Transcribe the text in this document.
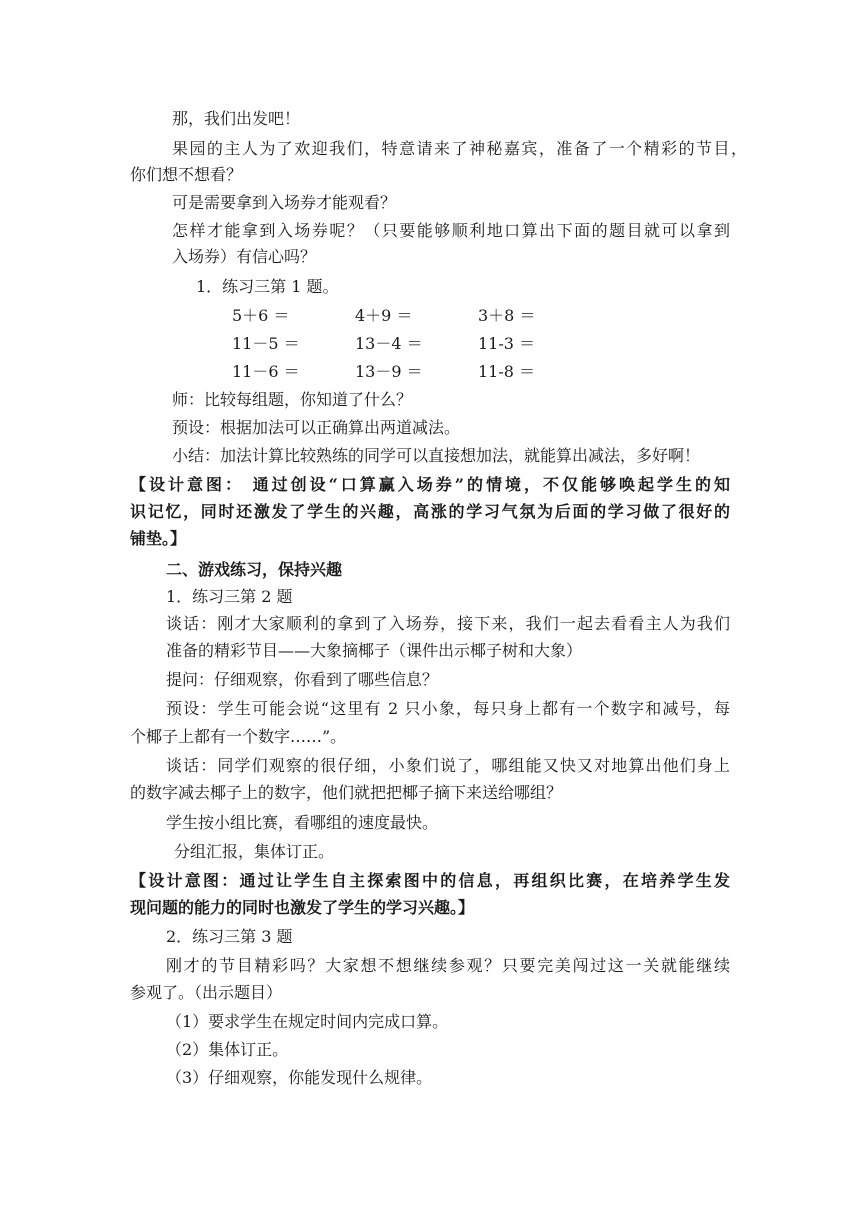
那，我们出发吧！
果园的主人为了欢迎我们，特意请来了神秘嘉宾，准备了一个精彩的节目，
你们想不想看？
可是需要拿到入场券才能观看？
怎样才能拿到入场券呢？（只要能够顺利地口算出下面的题目就可以拿到
入场券）有信心吗？
1．练习三第 1 题。
5＋6 ＝	4＋9 ＝	3＋8 ＝
11－5 ＝	13－4 ＝	11-3 ＝
11－6 ＝	13－9 ＝	11-8 ＝
师：比较每组题，你知道了什么？
预设：根据加法可以正确算出两道减法。
小结：加法计算比较熟练的同学可以直接想加法，就能算出减法，多好啊！
【设计意图： 通过创设“口算赢入场券”的情境，不仅能够唤起学生的知
识记忆，同时还激发了学生的兴趣，高涨的学习气氛为后面的学习做了很好的
铺垫。】
二、游戏练习，保持兴趣
1．练习三第 2 题
谈话：刚才大家顺利的拿到了入场券，接下来，我们一起去看看主人为我们
准备的精彩节目——大象摘椰子（课件出示椰子树和大象）
提问：仔细观察，你看到了哪些信息？
预设：学生可能会说“这里有 2 只小象，每只身上都有一个数字和减号，每
个椰子上都有一个数字……”。
谈话：同学们观察的很仔细，小象们说了，哪组能又快又对地算出他们身上
的数字减去椰子上的数字，他们就把把椰子摘下来送给哪组？
学生按小组比赛，看哪组的速度最快。
分组汇报，集体订正。
【设计意图：通过让学生自主探索图中的信息，再组织比赛，在培养学生发
现问题的能力的同时也激发了学生的学习兴趣。】
2．练习三第 3 题
刚才的节目精彩吗？大家想不想继续参观？只要完美闯过这一关就能继续
参观了。（出示题目）
（1）要求学生在规定时间内完成口算。
（2）集体订正。
（3）仔细观察，你能发现什么规律。
